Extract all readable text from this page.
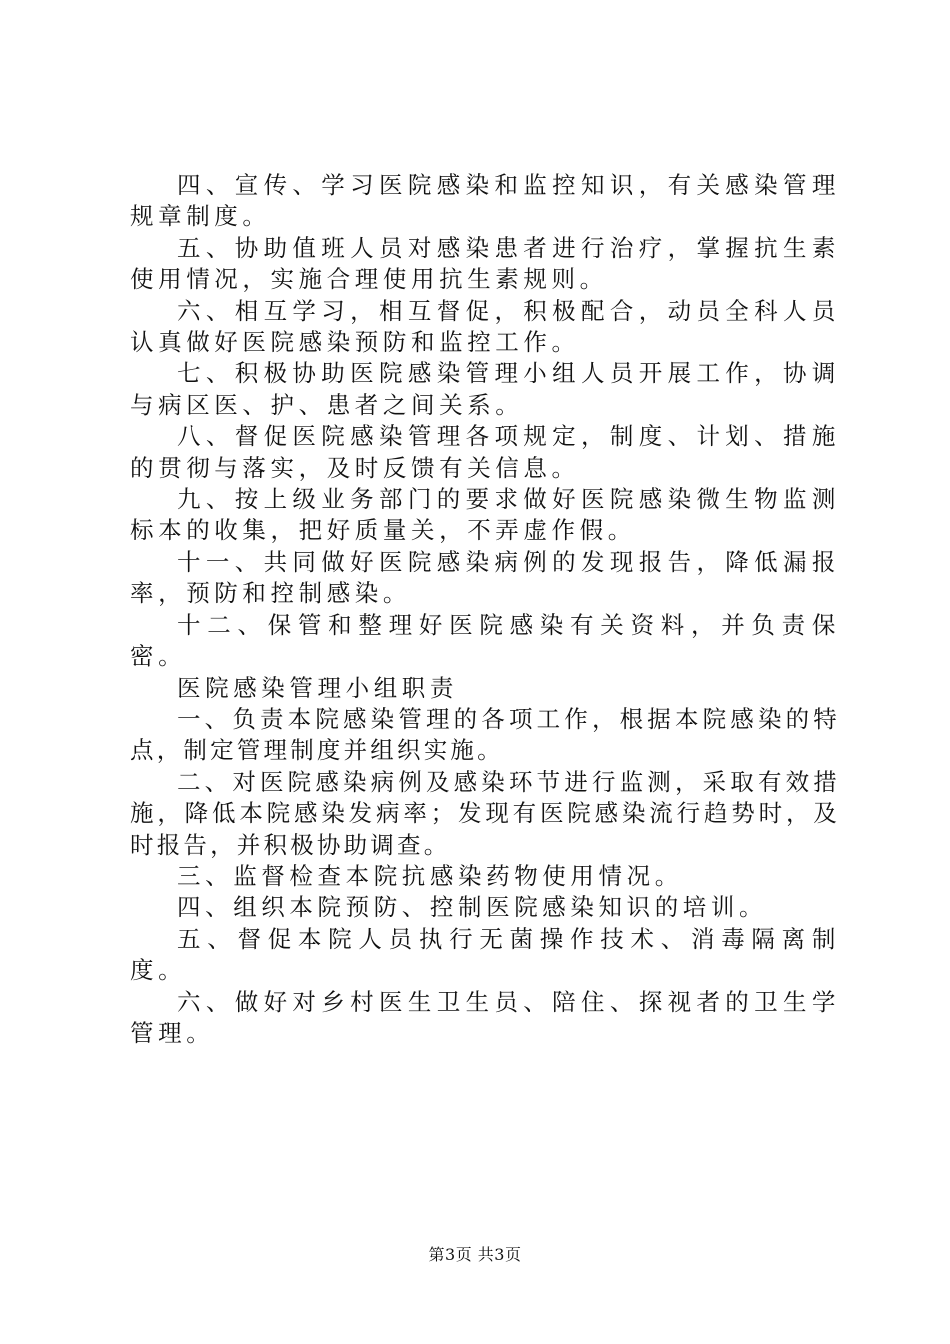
四、宣传、学习医院感染和监控知识，有关感染管理规章制度。

五、协助值班人员对感染患者进行治疗，掌握抗生素使用情况，实施合理使用抗生素规则。

六、相互学习，相互督促，积极配合，动员全科人员认真做好医院感染预防和监控工作。

七、积极协助医院感染管理小组人员开展工作，协调与病区医、护、患者之间关系。

八、督促医院感染管理各项规定，制度、计划、措施的贯彻与落实，及时反馈有关信息。

九、按上级业务部门的要求做好医院感染微生物监测标本的收集，把好质量关，不弄虚作假。

十一、共同做好医院感染病例的发现报告，降低漏报率，预防和控制感染。

十二、保管和整理好医院感染有关资料，并负责保密。

医院感染管理小组职责

一、负责本院感染管理的各项工作，根据本院感染的特点，制定管理制度并组织实施。

二、对医院感染病例及感染环节进行监测，采取有效措施，降低本院感染发病率；发现有医院感染流行趋势时，及时报告，并积极协助调查。

三、监督检查本院抗感染药物使用情况。

四、组织本院预防、控制医院感染知识的培训。

五、督促本院人员执行无菌操作技术、消毒隔离制度。

六、做好对乡村医生卫生员、陪住、探视者的卫生学管理。

第3页 共3页
